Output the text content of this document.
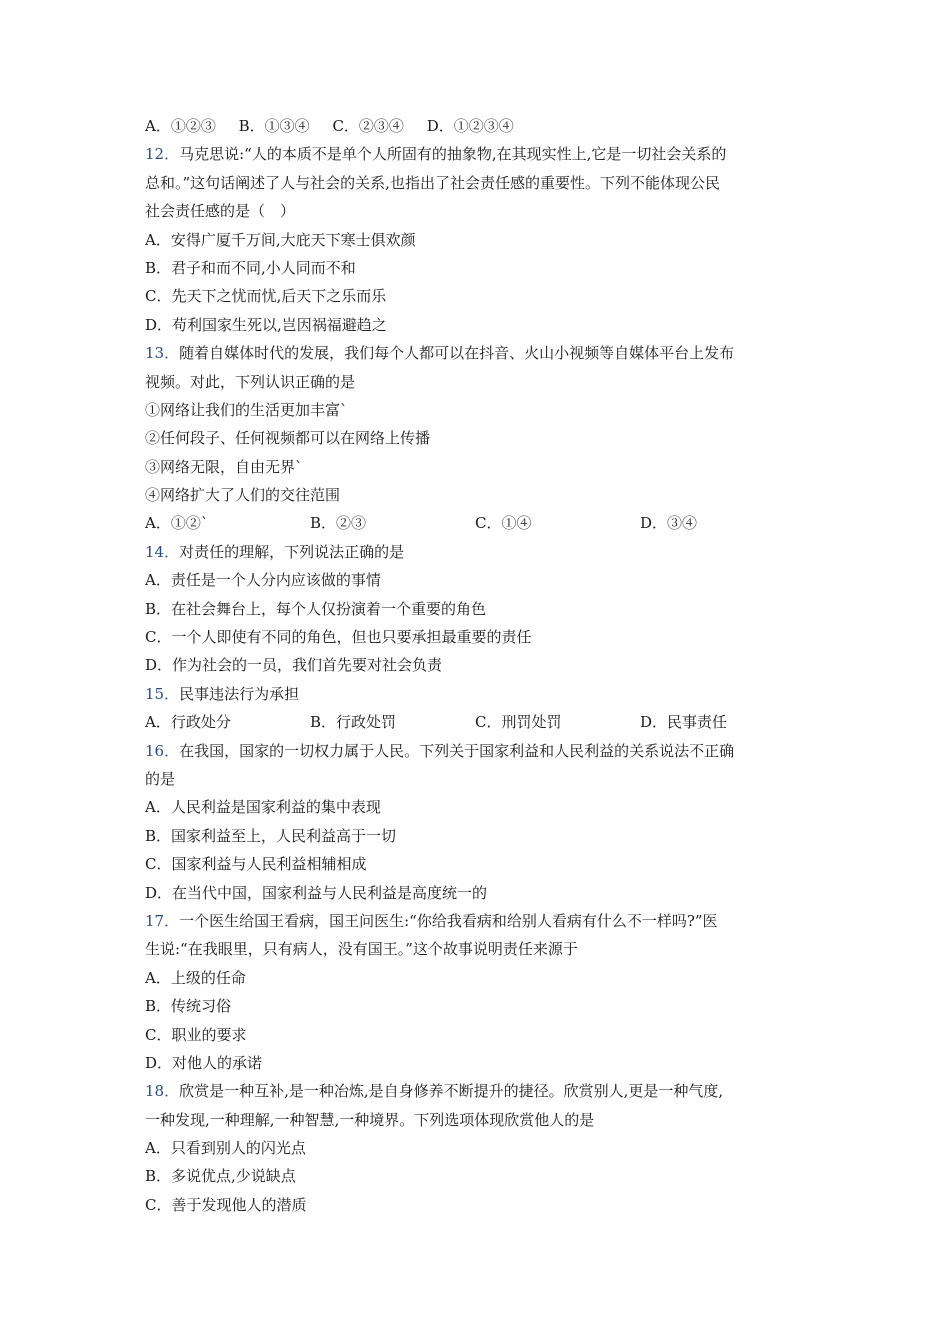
A．①②③ B．①③④ C．②③④ D．①②③④
12．马克思说:“人的本质不是单个人所固有的抽象物,在其现实性上,它是一切社会关系的
总和。”这句话阐述了人与社会的关系,也指出了社会责任感的重要性。下列不能体现公民
社会责任感的是（　）
A．安得广厦千万间,大庇天下寒士俱欢颜
B．君子和而不同,小人同而不和
C．先天下之忧而忧,后天下之乐而乐
D．苟利国家生死以,岂因祸福避趋之
13．随着自媒体时代的发展，我们每个人都可以在抖音、火山小视频等自媒体平台上发布
视频。对此，下列认识正确的是
①网络让我们的生活更加丰富`
②任何段子、任何视频都可以在网络上传播
③网络无限，自由无界`
④网络扩大了人们的交往范围
A．①②`	B．②③	C．①④	D．③④
14．对责任的理解，下列说法正确的是
A．责任是一个人分内应该做的事情
B．在社会舞台上，每个人仅扮演着一个重要的角色
C．一个人即使有不同的角色，但也只要承担最重要的责任
D．作为社会的一员，我们首先要对社会负责
15．民事违法行为承担
A．行政处分	B．行政处罚	C．刑罚处罚	D．民事责任
16．在我国，国家的一切权力属于人民。下列关于国家利益和人民利益的关系说法不正确
的是
A．人民利益是国家利益的集中表现
B．国家利益至上，人民利益高于一切
C．国家利益与人民利益相辅相成
D．在当代中国，国家利益与人民利益是高度统一的
17．一个医生给国王看病，国王问医生:“你给我看病和给别人看病有什么不一样吗?”医
生说:“在我眼里，只有病人，没有国王。”这个故事说明责任来源于
A．上级的任命
B．传统习俗
C．职业的要求
D．对他人的承诺
18．欣赏是一种互补,是一种冶炼,是自身修养不断提升的捷径。欣赏别人,更是一种气度,
一种发现,一种理解,一种智慧,一种境界。下列选项体现欣赏他人的是
A．只看到别人的闪光点
B．多说优点,少说缺点
C．善于发现他人的潜质
